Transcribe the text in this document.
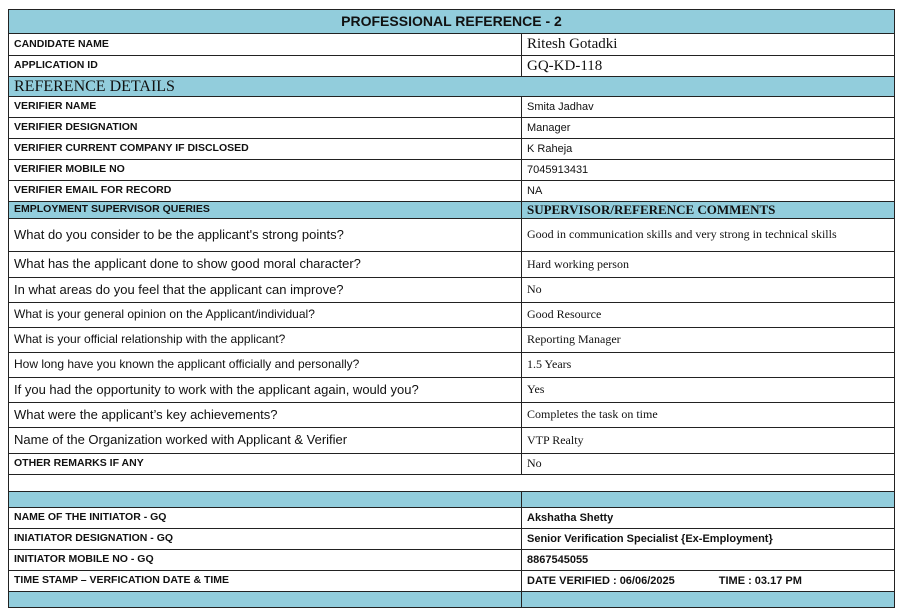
PROFESSIONAL REFERENCE - 2	
CANDIDATE NAME	Ritesh Gotadki
APPLICATION ID	GQ-KD-118
REFERENCE DETAILS	
VERIFIER NAME	Smita Jadhav
VERIFIER DESIGNATION	Manager
VERIFIER CURRENT COMPANY IF DISCLOSED	K Raheja
VERIFIER MOBILE NO	7045913431
VERIFIER EMAIL FOR RECORD	NA
EMPLOYMENT SUPERVISOR QUERIES	SUPERVISOR/REFERENCE COMMENTS
What do you consider to be the applicant's strong points?	Good in communication skills and very strong in technical skills
What has the applicant done to show good moral character?	Hard working person
In what areas do you feel that the applicant can improve?	No
What is your general opinion on the Applicant/individual?	Good Resource
What is your official relationship with the applicant?	Reporting Manager
How long have you known the applicant officially and personally?	1.5 Years
If you had the opportunity to work with the applicant again, would you?	Yes
What were the applicant’s key achievements?	Completes the task on time
Name of the Organization worked with Applicant & Verifier	VTP Realty
OTHER REMARKS IF ANY	No

NAME OF THE INITIATOR - GQ	Akshatha Shetty
INIATIATOR DESIGNATION - GQ	Senior Verification Specialist {Ex-Employment}
INITIATOR MOBILE NO - GQ	8867545055
TIME STAMP – VERFICATION DATE & TIME	DATE VERIFIED : 06/06/2025 TIME : 03.17 PM
